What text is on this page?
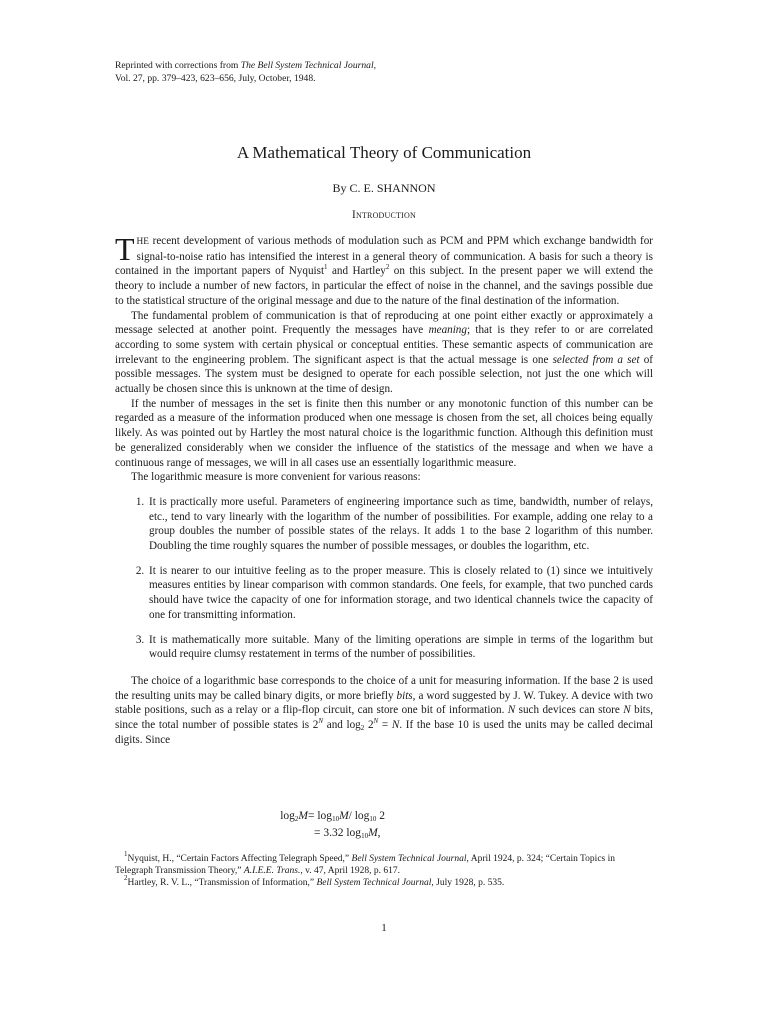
Reprinted with corrections from The Bell System Technical Journal,
Vol. 27, pp. 379–423, 623–656, July, October, 1948.
A Mathematical Theory of Communication
By C. E. SHANNON
Introduction

THE recent development of various methods of modulation such as PCM and PPM which exchange bandwidth for signal-to-noise ratio has intensified the interest in a general theory of communication. A basis for such a theory is contained in the important papers of Nyquist$^1$ and Hartley$^2$ on this subject. In the present paper we will extend the theory to include a number of new factors, in particular the effect of noise in the channel, and the savings possible due to the statistical structure of the original message and due to the nature of the final destination of the information.

The fundamental problem of communication is that of reproducing at one point either exactly or approximately a message selected at another point. Frequently the messages have meaning; that is they refer to or are correlated according to some system with certain physical or conceptual entities. These semantic aspects of communication are irrelevant to the engineering problem. The significant aspect is that the actual message is one selected from a set of possible messages. The system must be designed to operate for each possible selection, not just the one which will actually be chosen since this is unknown at the time of design.

If the number of messages in the set is finite then this number or any monotonic function of this number can be regarded as a measure of the information produced when one message is chosen from the set, all choices being equally likely. As was pointed out by Hartley the most natural choice is the logarithmic function. Although this definition must be generalized considerably when we consider the influence of the statistics of the message and when we have a continuous range of messages, we will in all cases use an essentially logarithmic measure.

The logarithmic measure is more convenient for various reasons:

1. It is practically more useful. Parameters of engineering importance such as time, bandwidth, number of relays, etc., tend to vary linearly with the logarithm of the number of possibilities. For example, adding one relay to a group doubles the number of possible states of the relays. It adds 1 to the base 2 logarithm of this number. Doubling the time roughly squares the number of possible messages, or doubles the logarithm, etc.
2. It is nearer to our intuitive feeling as to the proper measure. This is closely related to (1) since we intuitively measures entities by linear comparison with common standards. One feels, for example, that two punched cards should have twice the capacity of one for information storage, and two identical channels twice the capacity of one for transmitting information.
3. It is mathematically more suitable. Many of the limiting operations are simple in terms of the logarithm but would require clumsy restatement in terms of the number of possibilities.

The choice of a logarithmic base corresponds to the choice of a unit for measuring information. If the base 2 is used the resulting units may be called binary digits, or more briefly bits, a word suggested by J. W. Tukey. A device with two stable positions, such as a relay or a flip-flop circuit, can store one bit of information. N such devices can store N bits, since the total number of possible states is $2^N$ and $\log_2 2^N = N$. If the base 10 is used the units may be called decimal digits. Since

$\log_2M = \log_{10}M/$ $\log_{10} 2$
= 3.32 $\log_{10}M$,
$^1$Nyquist, H., “Certain Factors Affecting Telegraph Speed,” Bell System Technical Journal, April 1924, p. 324; “Certain Topics in Telegraph Transmission Theory,” A.I.E.E. Trans., v. 47, April 1928, p. 617.
$^2$Hartley, R. V. L., “Transmission of Information,” Bell System Technical Journal, July 1928, p. 535.
1
